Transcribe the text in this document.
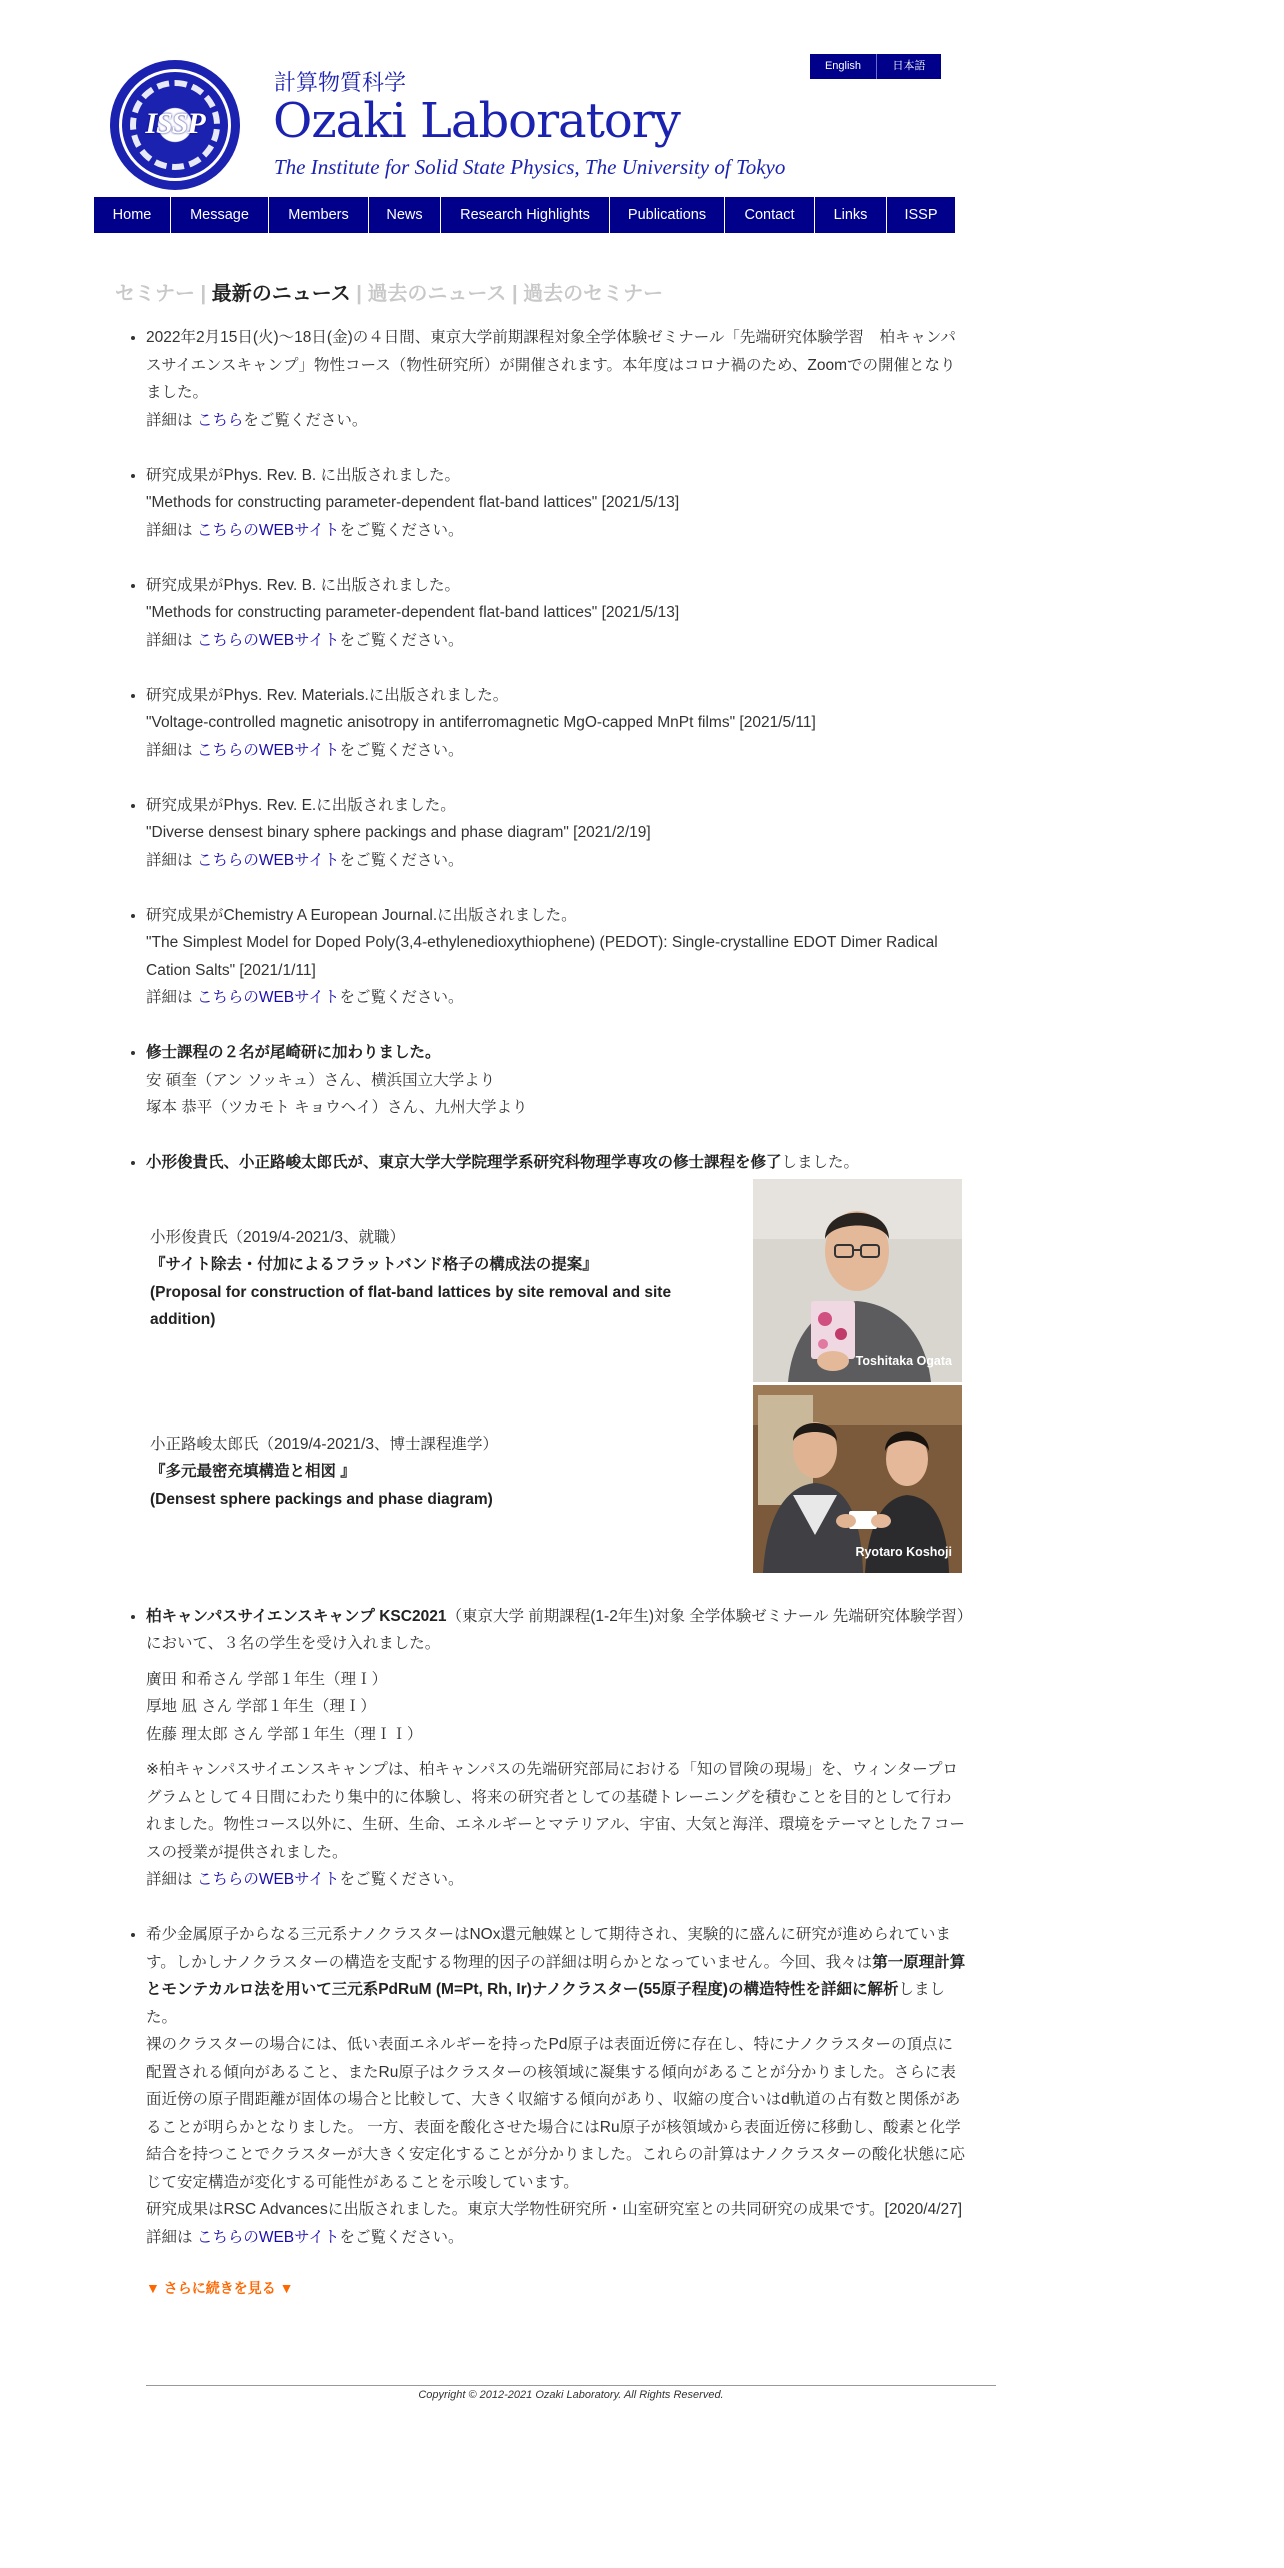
ISSP
計算物質科学
Ozaki Laboratory
The Institute for Solid State Physics, The University of Tokyo
English	日本語
Home	Message	Members	News	Research Highlights	Publications	Contact	Links	ISSP
セミナー | 最新のニュース | 過去のニュース | 過去のセミナー

• 2022年2月15日(火)～18日(金)の４日間、東京大学前期課程対象全学体験ゼミナール「先端研究体験学習　柏キャンパスサイエンスキャンプ」物性コース（物性研究所）が開催されます。本年度はコロナ禍のため、Zoomでの開催となりました。

詳細は こちらをご覧ください。

• 研究成果がPhys. Rev. B. に出版されました。

"Methods for constructing parameter-dependent flat-band lattices" [2021/5/13]

詳細は こちらのWEBサイトをご覧ください。

• 研究成果がPhys. Rev. B. に出版されました。

"Methods for constructing parameter-dependent flat-band lattices" [2021/5/13]

詳細は こちらのWEBサイトをご覧ください。

• 研究成果がPhys. Rev. Materials.に出版されました。

"Voltage-controlled magnetic anisotropy in antiferromagnetic MgO-capped MnPt films" [2021/5/11]

詳細は こちらのWEBサイトをご覧ください。

• 研究成果がPhys. Rev. E.に出版されました。

"Diverse densest binary sphere packings and phase diagram" [2021/2/19]

詳細は こちらのWEBサイトをご覧ください。

• 研究成果がChemistry A European Journal.に出版されました。

"The Simplest Model for Doped Poly(3,4-ethylenedioxythiophene) (PEDOT): Single-crystalline EDOT Dimer Radical Cation Salts" [2021/1/11]

詳細は こちらのWEBサイトをご覧ください。

• 修士課程の２名が尾崎研に加わりました。

安 碩奎（アン ソッキュ）さん、横浜国立大学より

塚本 恭平（ツカモト キョウヘイ）さん、九州大学より

• 小形俊貴氏、小正路峻太郎氏が、東京大学大学院理学系研究科物理学専攻の修士課程を修了しました。

小形俊貴氏（2019/4-2021/3、就職）

『サイト除去・付加によるフラットバンド格子の構成法の提案』

(Proposal for construction of flat-band lattices by site removal and site addition)

Toshitaka Ogata

小正路峻太郎氏（2019/4-2021/3、博士課程進学）

『多元最密充填構造と相図 』

(Densest sphere packings and phase diagram)

Ryotaro Koshoji

• 柏キャンパスサイエンスキャンプ KSC2021（東京大学 前期課程(1-2年生)対象 全学体験ゼミナール 先端研究体験学習）において、３名の学生を受け入れました。

廣田 和希さん 学部１年生（理Ｉ）

厚地 凪 さん 学部１年生（理Ｉ）

佐藤 理太郎 さん 学部１年生（理ＩＩ）

※柏キャンパスサイエンスキャンプは、柏キャンパスの先端研究部局における「知の冒険の現場」を、ウィンタープログラムとして４日間にわたり集中的に体験し、将来の研究者としての基礎トレーニングを積むことを目的として行われました。物性コース以外に、生研、生命、エネルギーとマテリアル、宇宙、大気と海洋、環境をテーマとした７コースの授業が提供されました。

詳細は こちらのWEBサイトをご覧ください。

• 希少金属原子からなる三元系ナノクラスターはNOx還元触媒として期待され、実験的に盛んに研究が進められています。しかしナノクラスターの構造を支配する物理的因子の詳細は明らかとなっていません。今回、我々は第一原理計算とモンテカルロ法を用いて三元系PdRuM (M=Pt, Rh, Ir)ナノクラスター(55原子程度)の構造特性を詳細に解析しました。

裸のクラスターの場合には、低い表面エネルギーを持ったPd原子は表面近傍に存在し、特にナノクラスターの頂点に配置される傾向があること、またRu原子はクラスターの核領域に凝集する傾向があることが分かりました。さらに表面近傍の原子間距離が固体の場合と比較して、大きく収縮する傾向があり、収縮の度合いはd軌道の占有数と関係があることが明らかとなりました。 一方、表面を酸化させた場合にはRu原子が核領域から表面近傍に移動し、酸素と化学結合を持つことでクラスターが大きく安定化することが分かりました。これらの計算はナノクラスターの酸化状態に応じて安定構造が変化する可能性があることを示唆しています。

研究成果はRSC Advancesに出版されました。東京大学物性研究所・山室研究室との共同研究の成果です。[2020/4/27]

詳細は こちらのWEBサイトをご覧ください。

▼ さらに続きを見る ▼

Copyright © 2012-2021 Ozaki Laboratory. All Rights Reserved.
